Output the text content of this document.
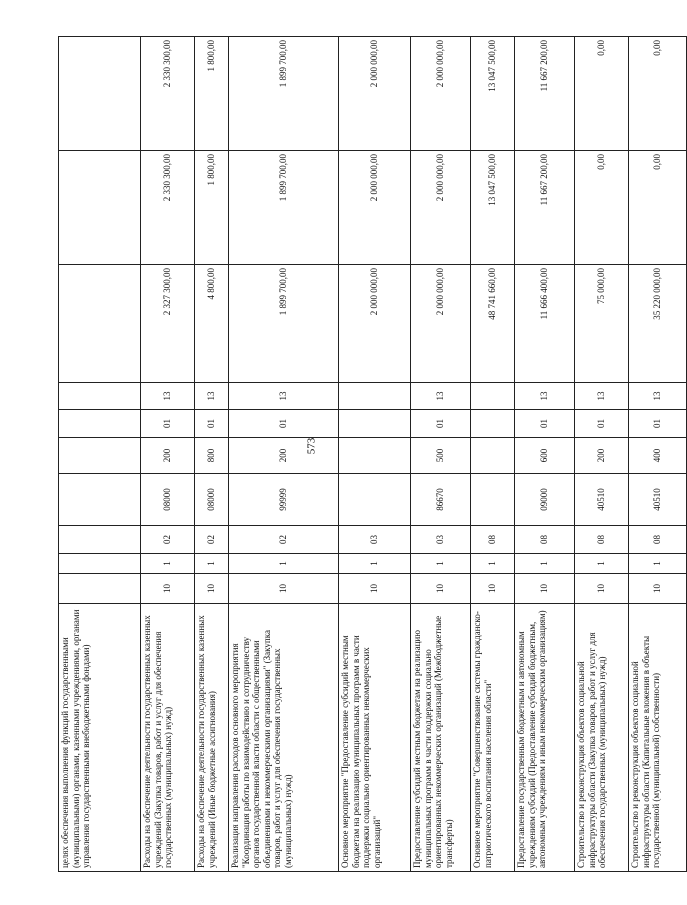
573
целях обеспечения выполнения функций государственными (муниципальными) органами, казенными учреждениями, органами управления государственными внебюджетными фондами)										
Расходы на обеспечение деятельности государственных казенных учреждений (Закупка товаров, работ и услуг для обеспечения государственных (муниципальных) нужд)	10	1	02	08000	200	01	13	2 327 300,00	2 330 300,00	2 330 300,00
Расходы на обеспечение деятельности государственных казенных учреждений (Иные бюджетные ассигнования)	10	1	02	08000	800	01	13	4 800,00	1 800,00	1 800,00
Реализация направления расходов основного мероприятия "Координация работы по взаимодействию и сотрудничеству органов государственной власти области с общественными объединениями и некоммерческими организациями" (Закупка товаров, работ и услуг для обеспечения государственных (муниципальных) нужд)	10	1	02	99999	200	01	13	1 899 700,00	1 899 700,00	1 899 700,00
Основное мероприятие "Предоставление субсидий местным бюджетам на реализацию муниципальных программ в части поддержки социально ориентированных некоммерческих организаций"	10	1	03					2 000 000,00	2 000 000,00	2 000 000,00
Предоставление субсидий местным бюджетам на реализацию муниципальных программ в части поддержки социально ориентированных некоммерческих организаций (Межбюджетные трансферты)	10	1	03	86670	500	01	13	2 000 000,00	2 000 000,00	2 000 000,00
Основное мероприятие "Совершенствование системы гражданско-патриотического воспитания населения области"	10	1	08					48 741 660,00	13 047 500,00	13 047 500,00
Предоставление государственным бюджетным и автономным учреждениям субсидий (Предоставление субсидий бюджетным, автономным учреждениям и иным некоммерческим организациям)	10	1	08	09000	600	01	13	11 666 400,00	11 667 200,00	11 667 200,00
Строительство и реконструкция объектов социальной инфраструктуры области (Закупка товаров, работ и услуг для обеспечения государственных (муниципальных) нужд)	10	1	08	40510	200	01	13	75 000,00	0,00	0,00
Строительство и реконструкция объектов социальной инфраструктуры области (Капитальные вложения в объекты государственной (муниципальной) собственности)	10	1	08	40510	400	01	13	35 220 000,00	0,00	0,00
